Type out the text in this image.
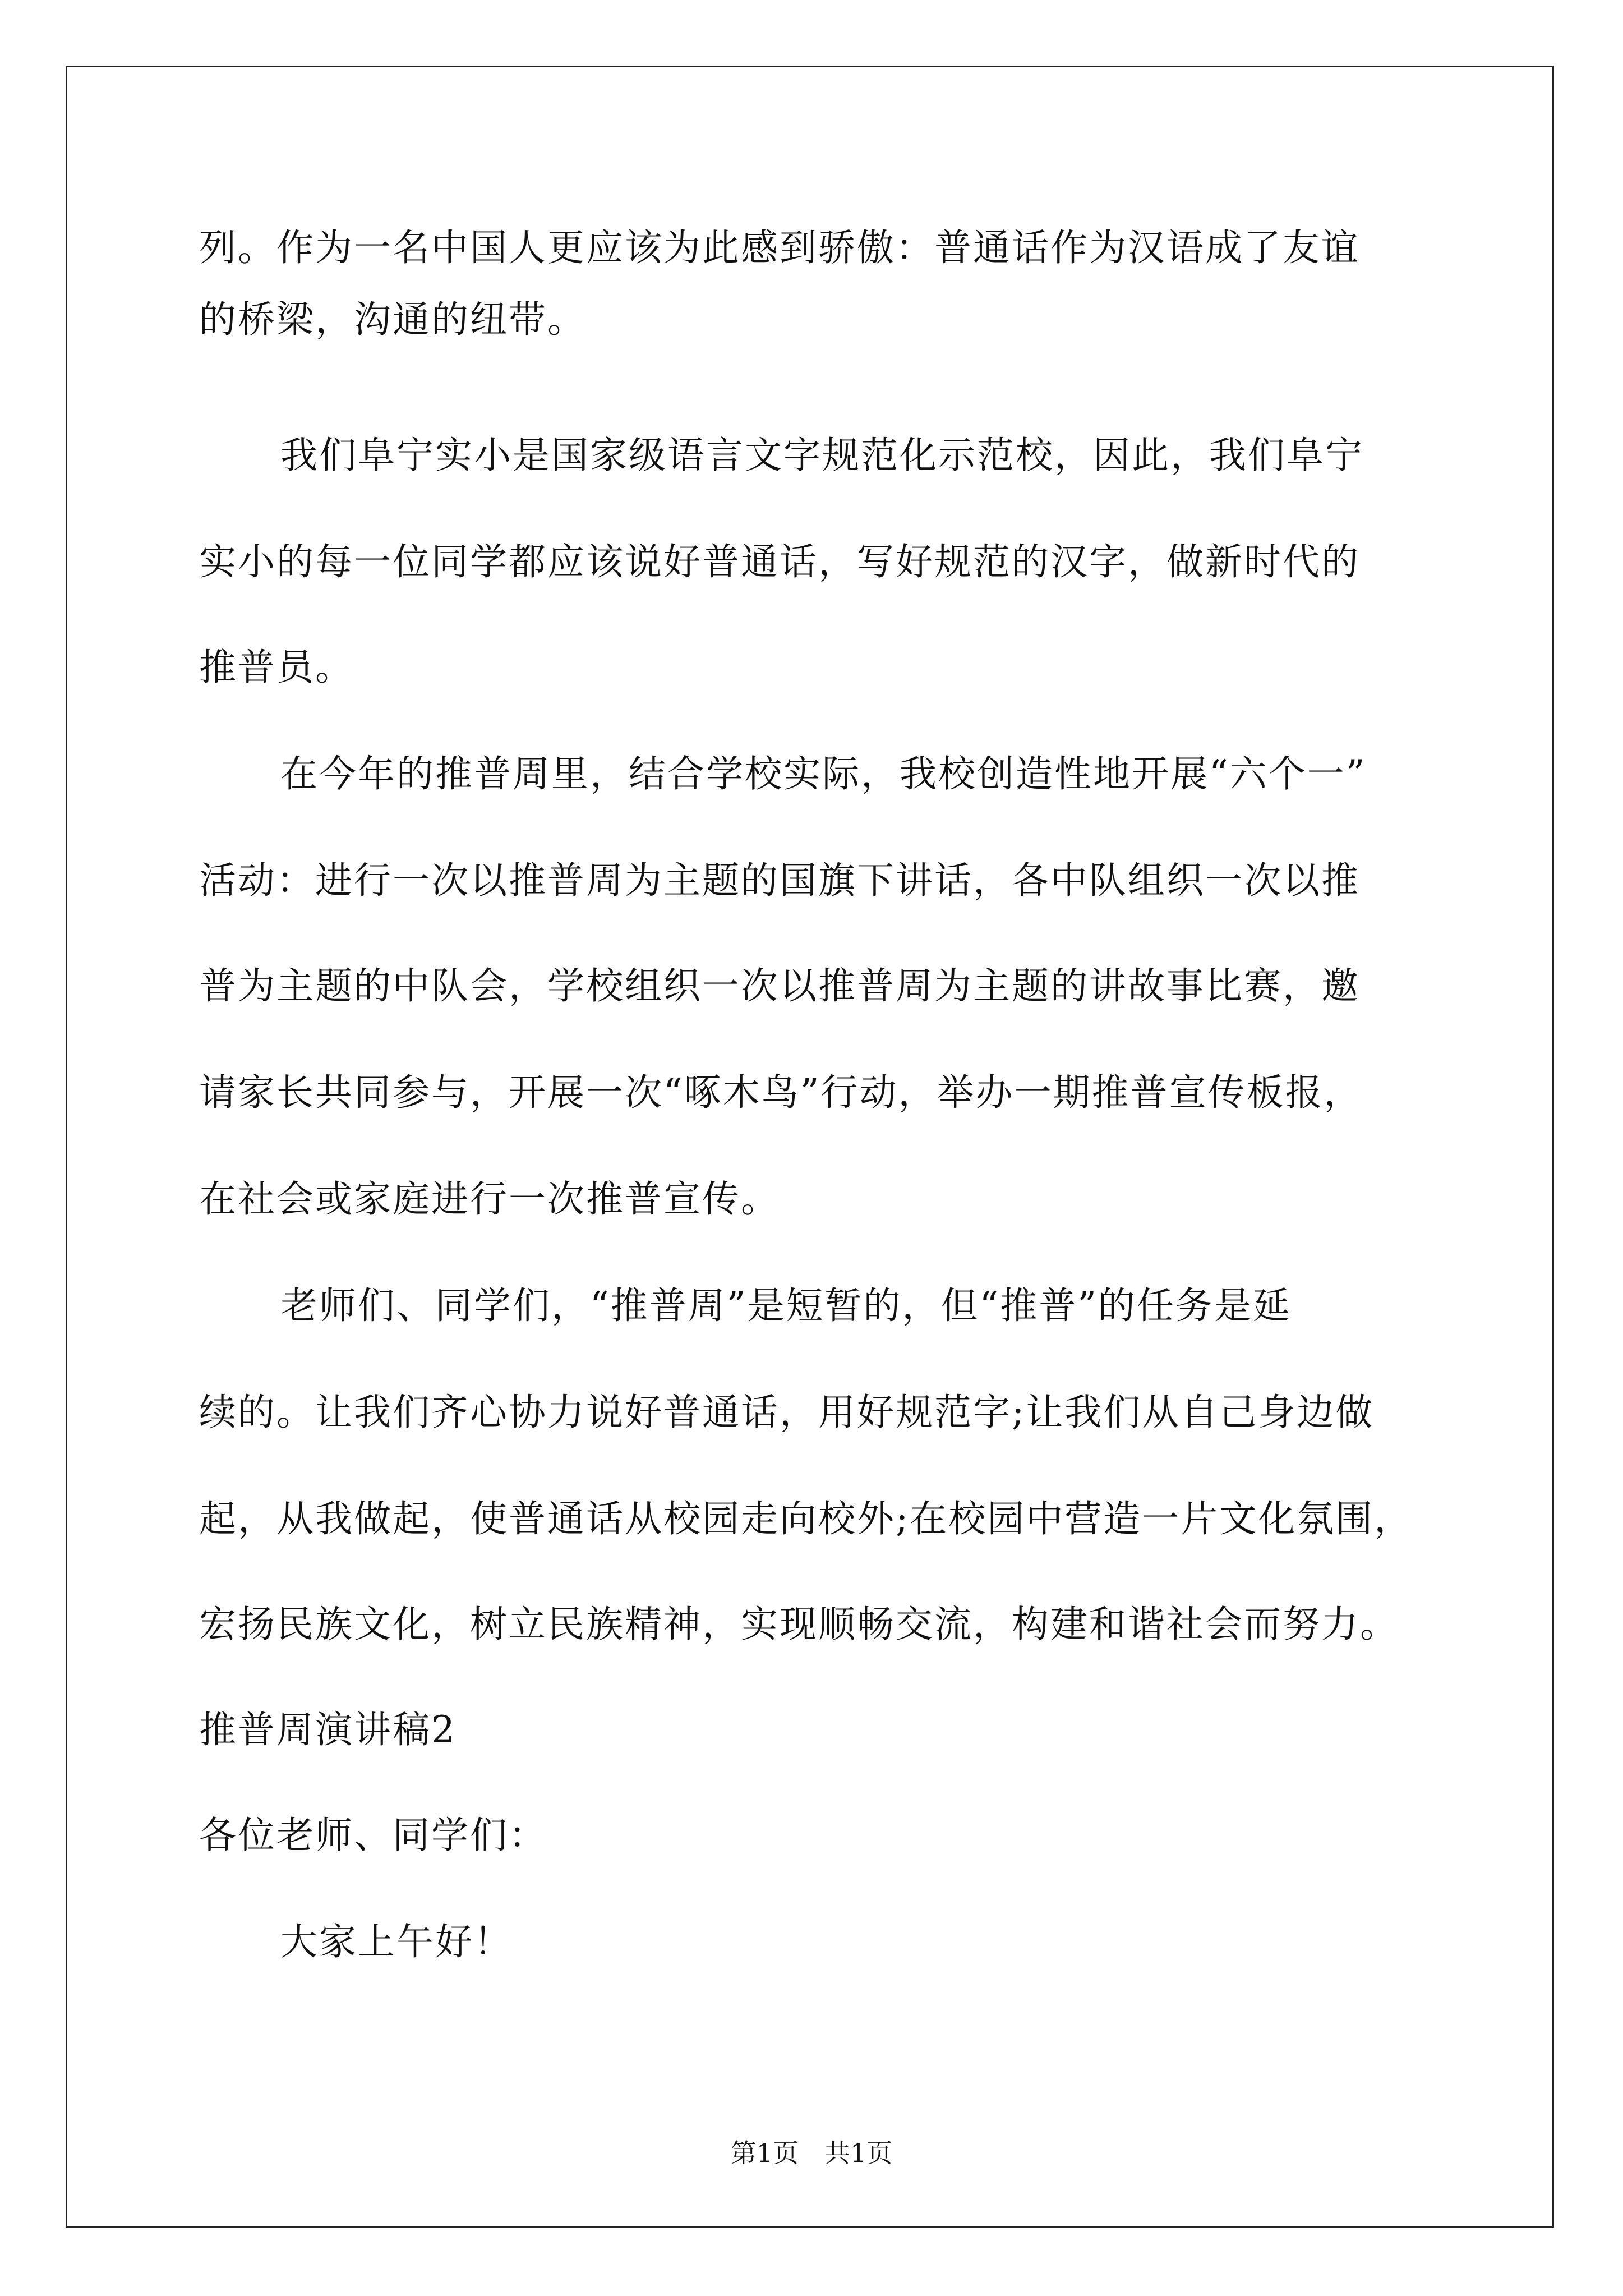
列。作为一名中国人更应该为此感到骄傲：普通话作为汉语成了友谊
的桥梁，沟通的纽带。
我们阜宁实小是国家级语言文字规范化示范校，因此，我们阜宁
实小的每一位同学都应该说好普通话，写好规范的汉字，做新时代的
推普员。
在今年的推普周里，结合学校实际，我校创造性地开展“六个一”
活动：进行一次以推普周为主题的国旗下讲话，各中队组织一次以推
普为主题的中队会，学校组织一次以推普周为主题的讲故事比赛，邀
请家长共同参与，开展一次“啄木鸟”行动，举办一期推普宣传板报，
在社会或家庭进行一次推普宣传。
老师们、同学们，“推普周”是短暂的，但“推普”的任务是延
续的。让我们齐心协力说好普通话，用好规范字;让我们从自己身边做
起，从我做起，使普通话从校园走向校外;在校园中营造一片文化氛围，
宏扬民族文化，树立民族精神，实现顺畅交流，构建和谐社会而努力。
推普周演讲稿2
各位老师、同学们：
大家上午好！
第1页　共1页
